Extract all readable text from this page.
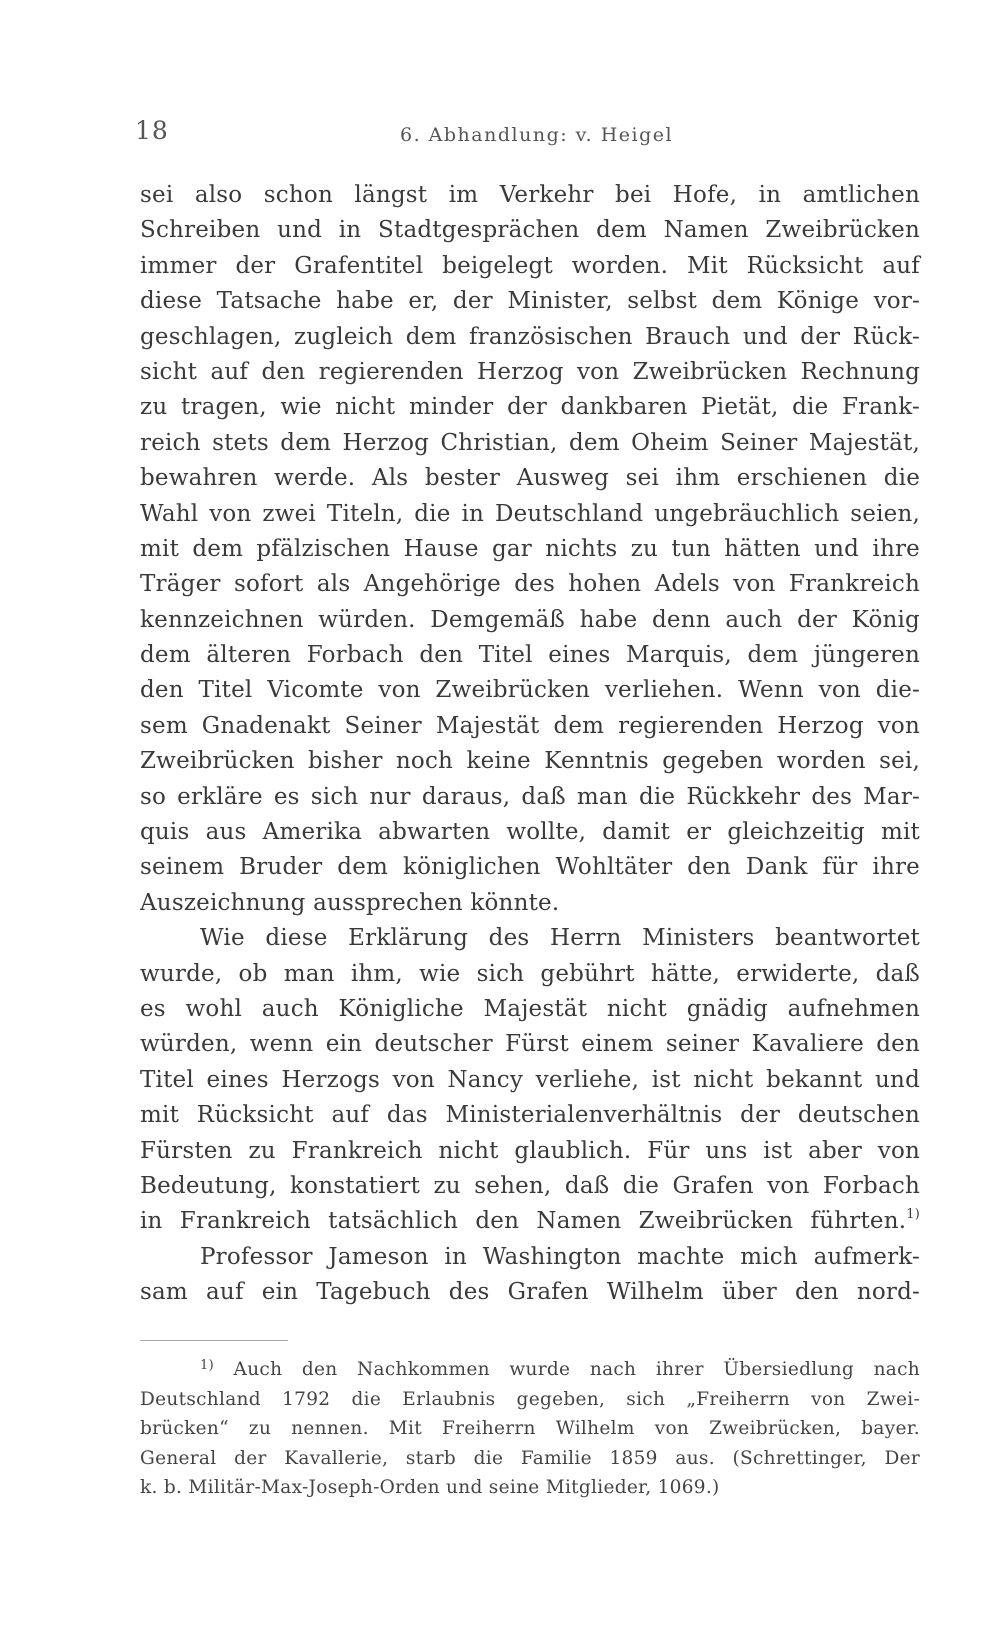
18	6. Abhandlung: v. Heigel
sei also schon längst im Verkehr bei Hofe, in amtlichen
Schreiben und in Stadtgesprächen dem Namen Zweibrücken
immer der Grafentitel beigelegt worden. Mit Rücksicht auf
diese Tatsache habe er, der Minister, selbst dem Könige vor-
geschlagen, zugleich dem französischen Brauch und der Rück-
sicht auf den regierenden Herzog von Zweibrücken Rechnung
zu tragen, wie nicht minder der dankbaren Pietät, die Frank-
reich stets dem Herzog Christian, dem Oheim Seiner Majestät,
bewahren werde. Als bester Ausweg sei ihm erschienen die
Wahl von zwei Titeln, die in Deutschland ungebräuchlich seien,
mit dem pfälzischen Hause gar nichts zu tun hätten und ihre
Träger sofort als Angehörige des hohen Adels von Frankreich
kennzeichnen würden. Demgemäß habe denn auch der König
dem älteren Forbach den Titel eines Marquis, dem jüngeren
den Titel Vicomte von Zweibrücken verliehen. Wenn von die-
sem Gnadenakt Seiner Majestät dem regierenden Herzog von
Zweibrücken bisher noch keine Kenntnis gegeben worden sei,
so erkläre es sich nur daraus, daß man die Rückkehr des Mar-
quis aus Amerika abwarten wollte, damit er gleichzeitig mit
seinem Bruder dem königlichen Wohltäter den Dank für ihre
Auszeichnung aussprechen könnte.
Wie diese Erklärung des Herrn Ministers beantwortet
wurde, ob man ihm, wie sich gebührt hätte, erwiderte, daß
es wohl auch Königliche Majestät nicht gnädig aufnehmen
würden, wenn ein deutscher Fürst einem seiner Kavaliere den
Titel eines Herzogs von Nancy verliehe, ist nicht bekannt und
mit Rücksicht auf das Ministerialenverhältnis der deutschen
Fürsten zu Frankreich nicht glaublich. Für uns ist aber von
Bedeutung, konstatiert zu sehen, daß die Grafen von Forbach
in Frankreich tatsächlich den Namen Zweibrücken führten.$^{1)}$
Professor Jameson in Washington machte mich aufmerk-
sam auf ein Tagebuch des Grafen Wilhelm über den nord-
$^{1)}$ Auch den Nachkommen wurde nach ihrer Übersiedlung nach
Deutschland 1792 die Erlaubnis gegeben, sich „Freiherrn von Zwei-
brücken“ zu nennen. Mit Freiherrn Wilhelm von Zweibrücken, bayer.
General der Kavallerie, starb die Familie 1859 aus. (Schrettinger, Der
k. b. Militär-Max-Joseph-Orden und seine Mitglieder, 1069.)
